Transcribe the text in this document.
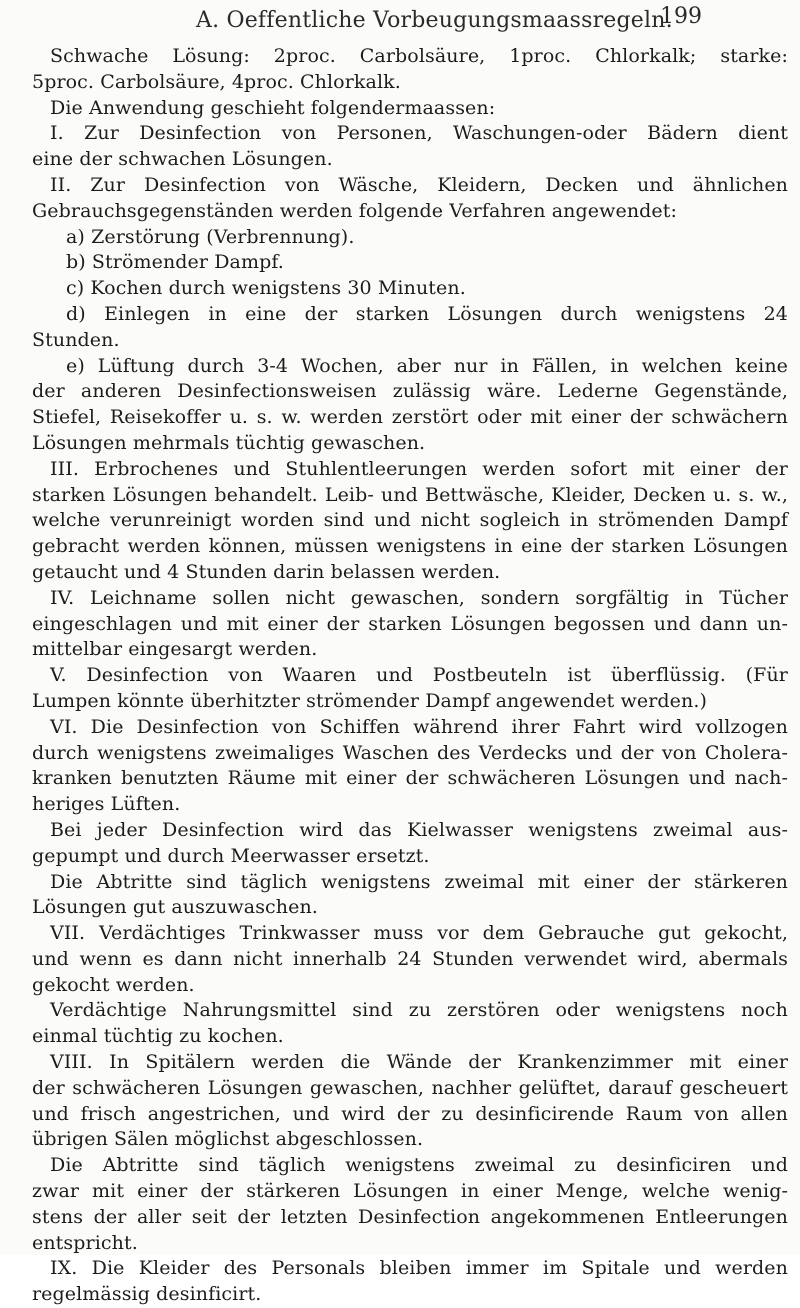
A. Oeffentliche Vorbeugungsmaassregeln.
199
Schwache Lösung: 2proc. Carbolsäure, 1proc. Chlorkalk; starke:
5proc. Carbolsäure, 4proc. Chlorkalk.
Die Anwendung geschieht folgendermaassen:
I. Zur Desinfection von Personen, Waschungen-oder Bädern dient
eine der schwachen Lösungen.
II. Zur Desinfection von Wäsche, Kleidern, Decken und ähnlichen
Gebrauchsgegenständen werden folgende Verfahren angewendet:
a) Zerstörung (Verbrennung).
b) Strömender Dampf.
c) Kochen durch wenigstens 30 Minuten.
d) Einlegen in eine der starken Lösungen durch wenigstens 24
Stunden.
e) Lüftung durch 3-4 Wochen, aber nur in Fällen, in welchen keine
der anderen Desinfectionsweisen zulässig wäre. Lederne Gegenstände,
Stiefel, Reisekoffer u. s. w. werden zerstört oder mit einer der schwächern
Lösungen mehrmals tüchtig gewaschen.
III. Erbrochenes und Stuhlentleerungen werden sofort mit einer der
starken Lösungen behandelt. Leib- und Bettwäsche, Kleider, Decken u. s. w.,
welche verunreinigt worden sind und nicht sogleich in strömenden Dampf
gebracht werden können, müssen wenigstens in eine der starken Lösungen
getaucht und 4 Stunden darin belassen werden.
IV. Leichname sollen nicht gewaschen, sondern sorgfältig in Tücher
eingeschlagen und mit einer der starken Lösungen begossen und dann un-
mittelbar eingesargt werden.
V. Desinfection von Waaren und Postbeuteln ist überflüssig. (Für
Lumpen könnte überhitzter strömender Dampf angewendet werden.)
VI. Die Desinfection von Schiffen während ihrer Fahrt wird vollzogen
durch wenigstens zweimaliges Waschen des Verdecks und der von Cholera-
kranken benutzten Räume mit einer der schwächeren Lösungen und nach-
heriges Lüften.
Bei jeder Desinfection wird das Kielwasser wenigstens zweimal aus-
gepumpt und durch Meerwasser ersetzt.
Die Abtritte sind täglich wenigstens zweimal mit einer der stärkeren
Lösungen gut auszuwaschen.
VII. Verdächtiges Trinkwasser muss vor dem Gebrauche gut gekocht,
und wenn es dann nicht innerhalb 24 Stunden verwendet wird, abermals
gekocht werden.
Verdächtige Nahrungsmittel sind zu zerstören oder wenigstens noch
einmal tüchtig zu kochen.
VIII. In Spitälern werden die Wände der Krankenzimmer mit einer
der schwächeren Lösungen gewaschen, nachher gelüftet, darauf gescheuert
und frisch angestrichen, und wird der zu desinficirende Raum von allen
übrigen Sälen möglichst abgeschlossen.
Die Abtritte sind täglich wenigstens zweimal zu desinficiren und
zwar mit einer der stärkeren Lösungen in einer Menge, welche wenig-
stens der aller seit der letzten Desinfection angekommenen Entleerungen
entspricht.
IX. Die Kleider des Personals bleiben immer im Spitale und werden
regelmässig desinficirt.
